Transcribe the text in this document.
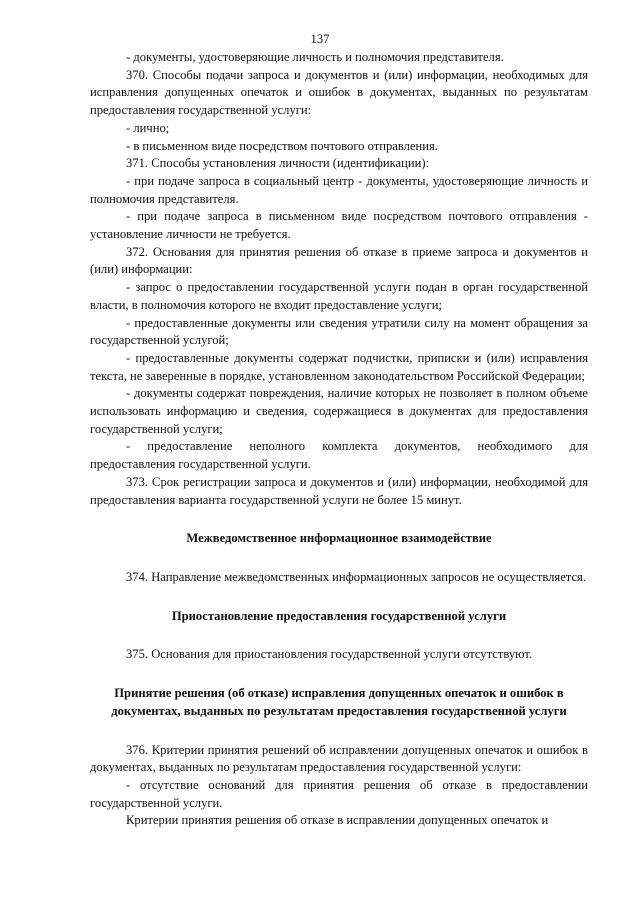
137

- документы, удостоверяющие личность и полномочия представителя.

370. Способы подачи запроса и документов и (или) информации, необходимых для исправления допущенных опечаток и ошибок в документах, выданных по результатам предоставления государственной услуги:

- лично;

- в письменном виде посредством почтового отправления.

371. Способы установления личности (идентификации):

- при подаче запроса в социальный центр - документы, удостоверяющие личность и полномочия представителя.

- при подаче запроса в письменном виде посредством почтового отправления - установление личности не требуется.

372. Основания для принятия решения об отказе в приеме запроса и документов и (или) информации:

- запрос о предоставлении государственной услуги подан в орган государственной власти, в полномочия которого не входит предоставление услуги;

- предоставленные документы или сведения утратили силу на момент обращения за государственной услугой;

- предоставленные документы содержат подчистки, приписки и (или) исправления текста, не заверенные в порядке, установленном законодательством Российской Федерации;

- документы содержат повреждения, наличие которых не позволяет в полном объеме использовать информацию и сведения, содержащиеся в документах для предоставления государственной услуги;

- предоставление неполного комплекта документов, необходимого для предоставления государственной услуги.

373. Срок регистрации запроса и документов и (или) информации, необходимой для предоставления варианта государственной услуги не более 15 минут.

Межведомственное информационное взаимодействие

374. Направление межведомственных информационных запросов не осуществляется.

Приостановление предоставления государственной услуги

375. Основания для приостановления государственной услуги отсутствуют.

Принятие решения (об отказе) исправления допущенных опечаток и ошибок в документах, выданных по результатам предоставления государственной услуги

376. Критерии принятия решений об исправлении допущенных опечаток и ошибок в документах, выданных по результатам предоставления государственной услуги:

- отсутствие оснований для принятия решения об отказе в предоставлении государственной услуги.

Критерии принятия решения об отказе в исправлении допущенных опечаток и
